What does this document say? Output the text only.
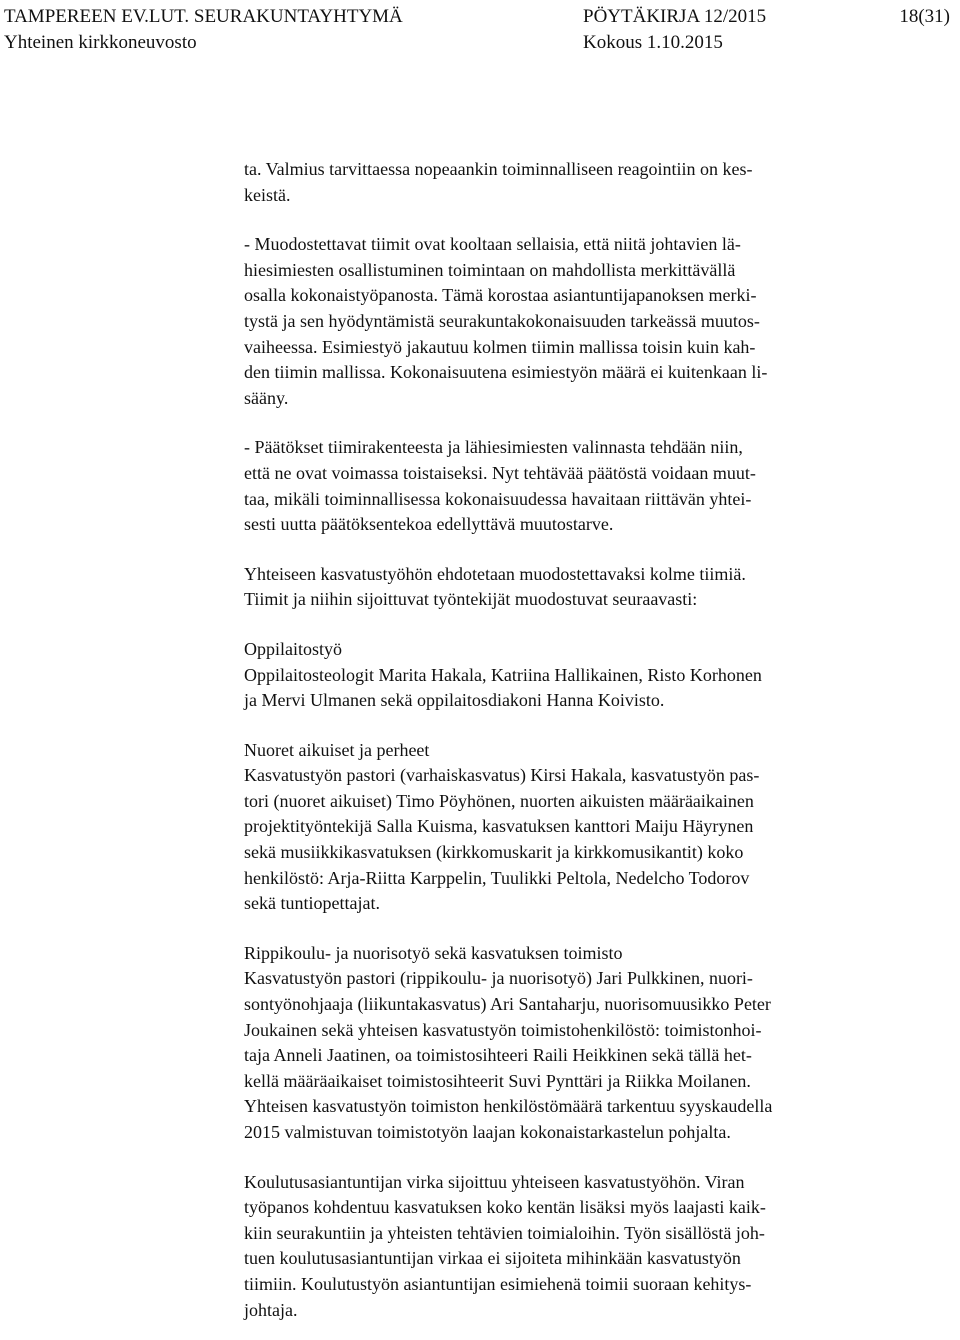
TAMPEREEN EV.LUT. SEURAKUNTAYHTYMÄ	PÖYTÄKIRJA 12/2015	18(31)
Yhteinen kirkkoneuvosto	Kokous 1.10.2015
ta. Valmius tarvittaessa nopeaankin toiminnalliseen reagointiin on kes-
keistä.
- Muodostettavat tiimit ovat kooltaan sellaisia, että niitä johtavien lä-
hiesimiesten osallistuminen toimintaan on mahdollista merkittävällä
osalla kokonaistyöpanosta. Tämä korostaa asiantuntijapanoksen merki-
tystä ja sen hyödyntämistä seurakuntakokonaisuuden tarkeässä muutos-
vaiheessa. Esimiestyö jakautuu kolmen tiimin mallissa toisin kuin kah-
den tiimin mallissa. Kokonaisuutena esimiestyön määrä ei kuitenkaan li-
sääny.
- Päätökset tiimirakenteesta ja lähiesimiesten valinnasta tehdään niin,
että ne ovat voimassa toistaiseksi. Nyt tehtävää päätöstä voidaan muut-
taa, mikäli toiminnallisessa kokonaisuudessa havaitaan riittävän yhtei-
sesti uutta päätöksentekoa edellyttävä muutostarve.
Yhteiseen kasvatustyöhön ehdotetaan muodostettavaksi kolme tiimiä.
Tiimit ja niihin sijoittuvat työntekijät muodostuvat seuraavasti:
Oppilaitostyö
Oppilaitosteologit Marita Hakala, Katriina Hallikainen, Risto Korhonen
ja Mervi Ulmanen sekä oppilaitosdiakoni Hanna Koivisto.
Nuoret aikuiset ja perheet
Kasvatustyön pastori (varhaiskasvatus) Kirsi Hakala, kasvatustyön pas-
tori (nuoret aikuiset) Timo Pöyhönen, nuorten aikuisten määräaikainen
projektityöntekijä Salla Kuisma, kasvatuksen kanttori Maiju Häyrynen
sekä musiikkikasvatuksen (kirkkomuskarit ja kirkkomusikantit) koko
henkilöstö: Arja-Riitta Karppelin, Tuulikki Peltola, Nedelcho Todorov
sekä tuntiopettajat.
Rippikoulu- ja nuorisotyö sekä kasvatuksen toimisto
Kasvatustyön pastori (rippikoulu- ja nuorisotyö) Jari Pulkkinen, nuori-
sontyönohjaaja (liikuntakasvatus) Ari Santaharju, nuorisomuusikko Peter
Joukainen sekä yhteisen kasvatustyön toimistohenkilöstö: toimistonhoi-
taja Anneli Jaatinen, oa toimistosihteeri Raili Heikkinen sekä tällä het-
kellä määräaikaiset toimistosihteerit Suvi Pynttäri ja Riikka Moilanen.
Yhteisen kasvatustyön toimiston henkilöstömäärä tarkentuu syyskaudella
2015 valmistuvan toimistotyön laajan kokonaistarkastelun pohjalta.
Koulutusasiantuntijan virka sijoittuu yhteiseen kasvatustyöhön. Viran
työpanos kohdentuu kasvatuksen koko kentän lisäksi myös laajasti kaik-
kiin seurakuntiin ja yhteisten tehtävien toimialoihin. Työn sisällöstä joh-
tuen koulutusasiantuntijan virkaa ei sijoiteta mihinkään kasvatustyön
tiimiin. Koulutustyön asiantuntijan esimiehenä toimii suoraan kehitys-
johtaja.
